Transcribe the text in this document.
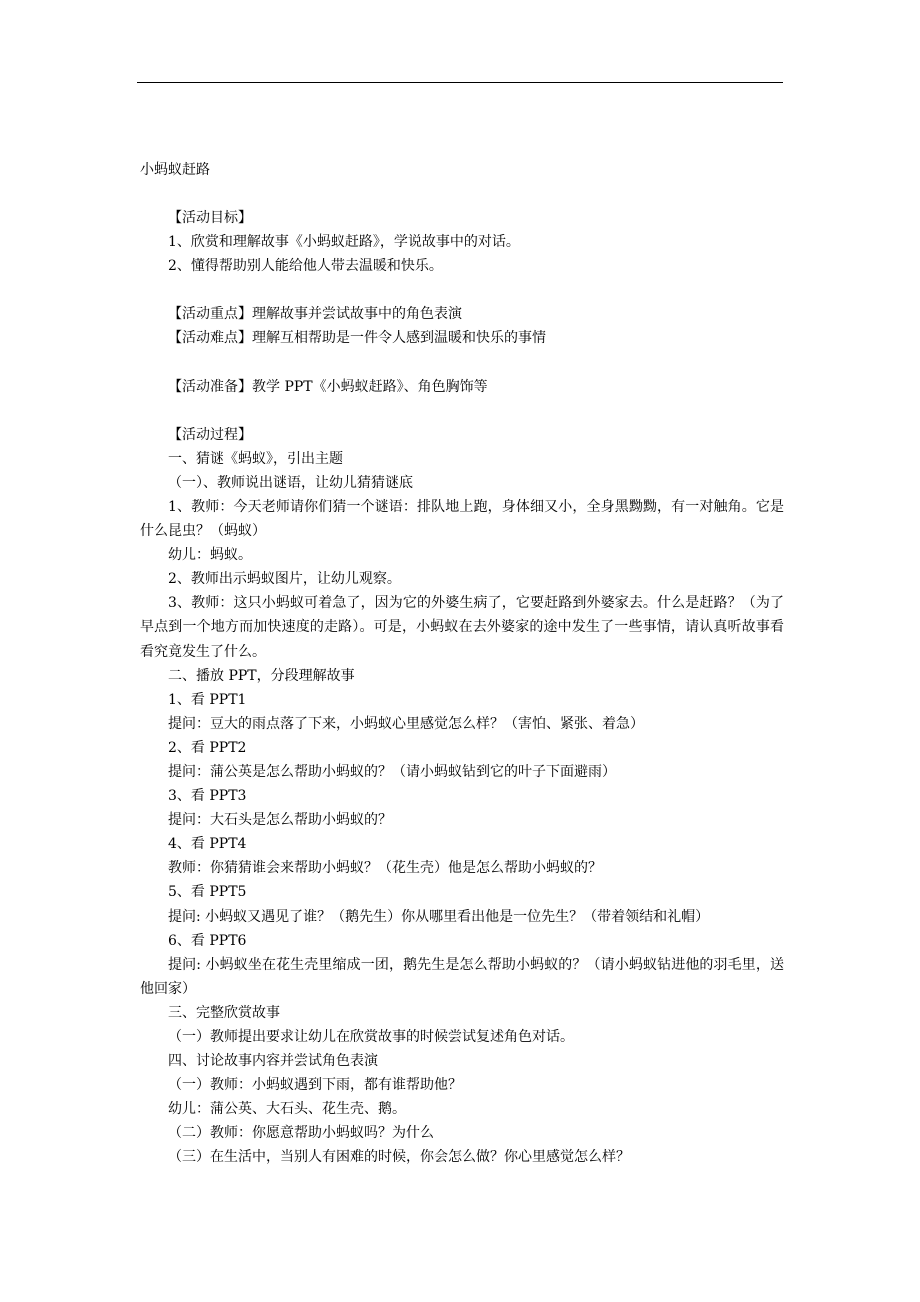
小蚂蚁赶路

【活动目标】

1、欣赏和理解故事《小蚂蚁赶路》，学说故事中的对话。

2、懂得帮助别人能给他人带去温暖和快乐。

【活动重点】理解故事并尝试故事中的角色表演

【活动难点】理解互相帮助是一件令人感到温暖和快乐的事情

【活动准备】教学 PPT《小蚂蚁赶路》、角色胸饰等

【活动过程】

一、猜谜《蚂蚁》，引出主题

（一）、教师说出谜语，让幼儿猜猜谜底

1、教师：今天老师请你们猜一个谜语：排队地上跑，身体细又小，全身黑黝黝，有一对触角。它是什么昆虫？（蚂蚁）

幼儿：蚂蚁。

2、教师出示蚂蚁图片，让幼儿观察。

3、教师：这只小蚂蚁可着急了，因为它的外婆生病了，它要赶路到外婆家去。什么是赶路？（为了早点到一个地方而加快速度的走路）。可是，小蚂蚁在去外婆家的途中发生了一些事情，请认真听故事看看究竟发生了什么。

二、播放 PPT，分段理解故事

1、看 PPT1

提问：豆大的雨点落了下来，小蚂蚁心里感觉怎么样？（害怕、紧张、着急）

2、看 PPT2

提问：蒲公英是怎么帮助小蚂蚁的？（请小蚂蚁钻到它的叶子下面避雨）

3、看 PPT3

提问：大石头是怎么帮助小蚂蚁的？

4、看 PPT4

教师：你猜猜谁会来帮助小蚂蚁？（花生壳）他是怎么帮助小蚂蚁的？

5、看 PPT5

提问: 小蚂蚁又遇见了谁？（鹅先生）你从哪里看出他是一位先生？（带着领结和礼帽）

6、看 PPT6

提问: 小蚂蚁坐在花生壳里缩成一团，鹅先生是怎么帮助小蚂蚁的？（请小蚂蚁钻进他的羽毛里，送他回家）

三、完整欣赏故事

（一）教师提出要求让幼儿在欣赏故事的时候尝试复述角色对话。

四、讨论故事内容并尝试角色表演

（一）教师：小蚂蚁遇到下雨，都有谁帮助他？

幼儿：蒲公英、大石头、花生壳、鹅。

（二）教师：你愿意帮助小蚂蚁吗？为什么

（三）在生活中，当别人有困难的时候，你会怎么做？你心里感觉怎么样？
